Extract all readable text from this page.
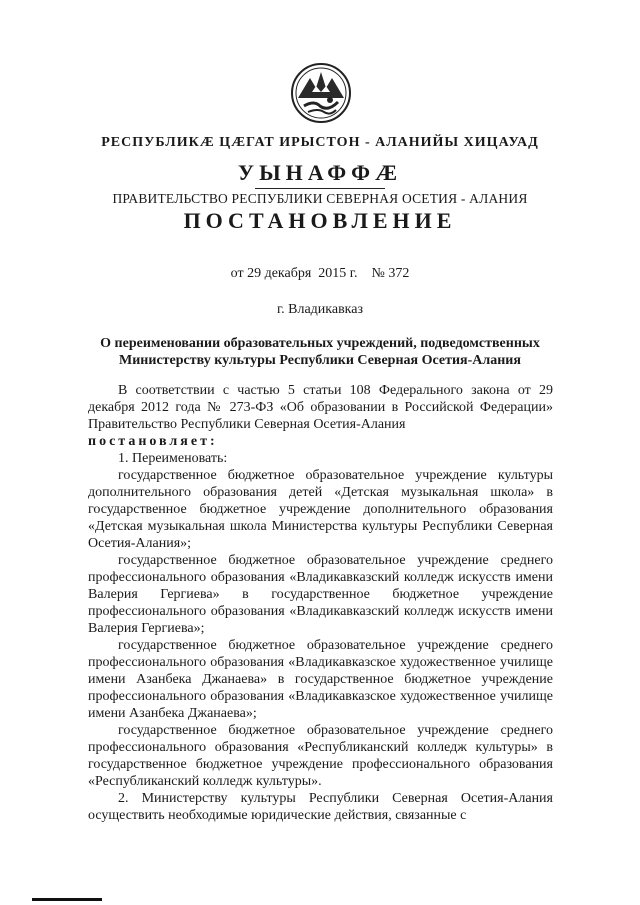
РЕСПУБЛИКÆ ЦÆГАТ ИРЫСТОН - АЛАНИЙЫ ХИЦАУАД
УЫНАФФÆ
ПРАВИТЕЛЬСТВО РЕСПУБЛИКИ СЕВЕРНАЯ ОСЕТИЯ - АЛАНИЯ
ПОСТАНОВЛЕНИЕ
от 29 декабря  2015 г.    № 372
г. Владикавказ
О переименовании образовательных учреждений, подведомственных Министерству культуры Республики Северная Осетия-Алания

В соответствии с частью 5 статьи 108 Федерального закона от 29 декабря 2012 года № 273-ФЗ «Об образовании в Российской Федерации» Правительство Республики Северная Осетия-Алания

постановляет:

1. Переименовать:

государственное бюджетное образовательное учреждение культуры дополнительного образования детей «Детская музыкальная школа» в государственное бюджетное учреждение дополнительного образования «Детская музыкальная школа Министерства культуры Республики Северная Осетия-Алания»;

государственное бюджетное образовательное учреждение среднего профессионального образования «Владикавказский колледж искусств имени Валерия Гергиева» в государственное бюджетное учреждение профессионального образования «Владикавказский колледж искусств имени Валерия Гергиева»;

государственное бюджетное образовательное учреждение среднего профессионального образования «Владикавказское художественное училище имени Азанбека Джанаева» в государственное бюджетное учреждение профессионального образования «Владикавказское художественное училище имени Азанбека Джанаева»;

государственное бюджетное образовательное учреждение среднего профессионального образования «Республиканский колледж культуры» в государственное бюджетное учреждение профессионального образования «Республиканский колледж культуры».

2. Министерству культуры Республики Северная Осетия-Алания осуществить необходимые юридические действия, связанные с
